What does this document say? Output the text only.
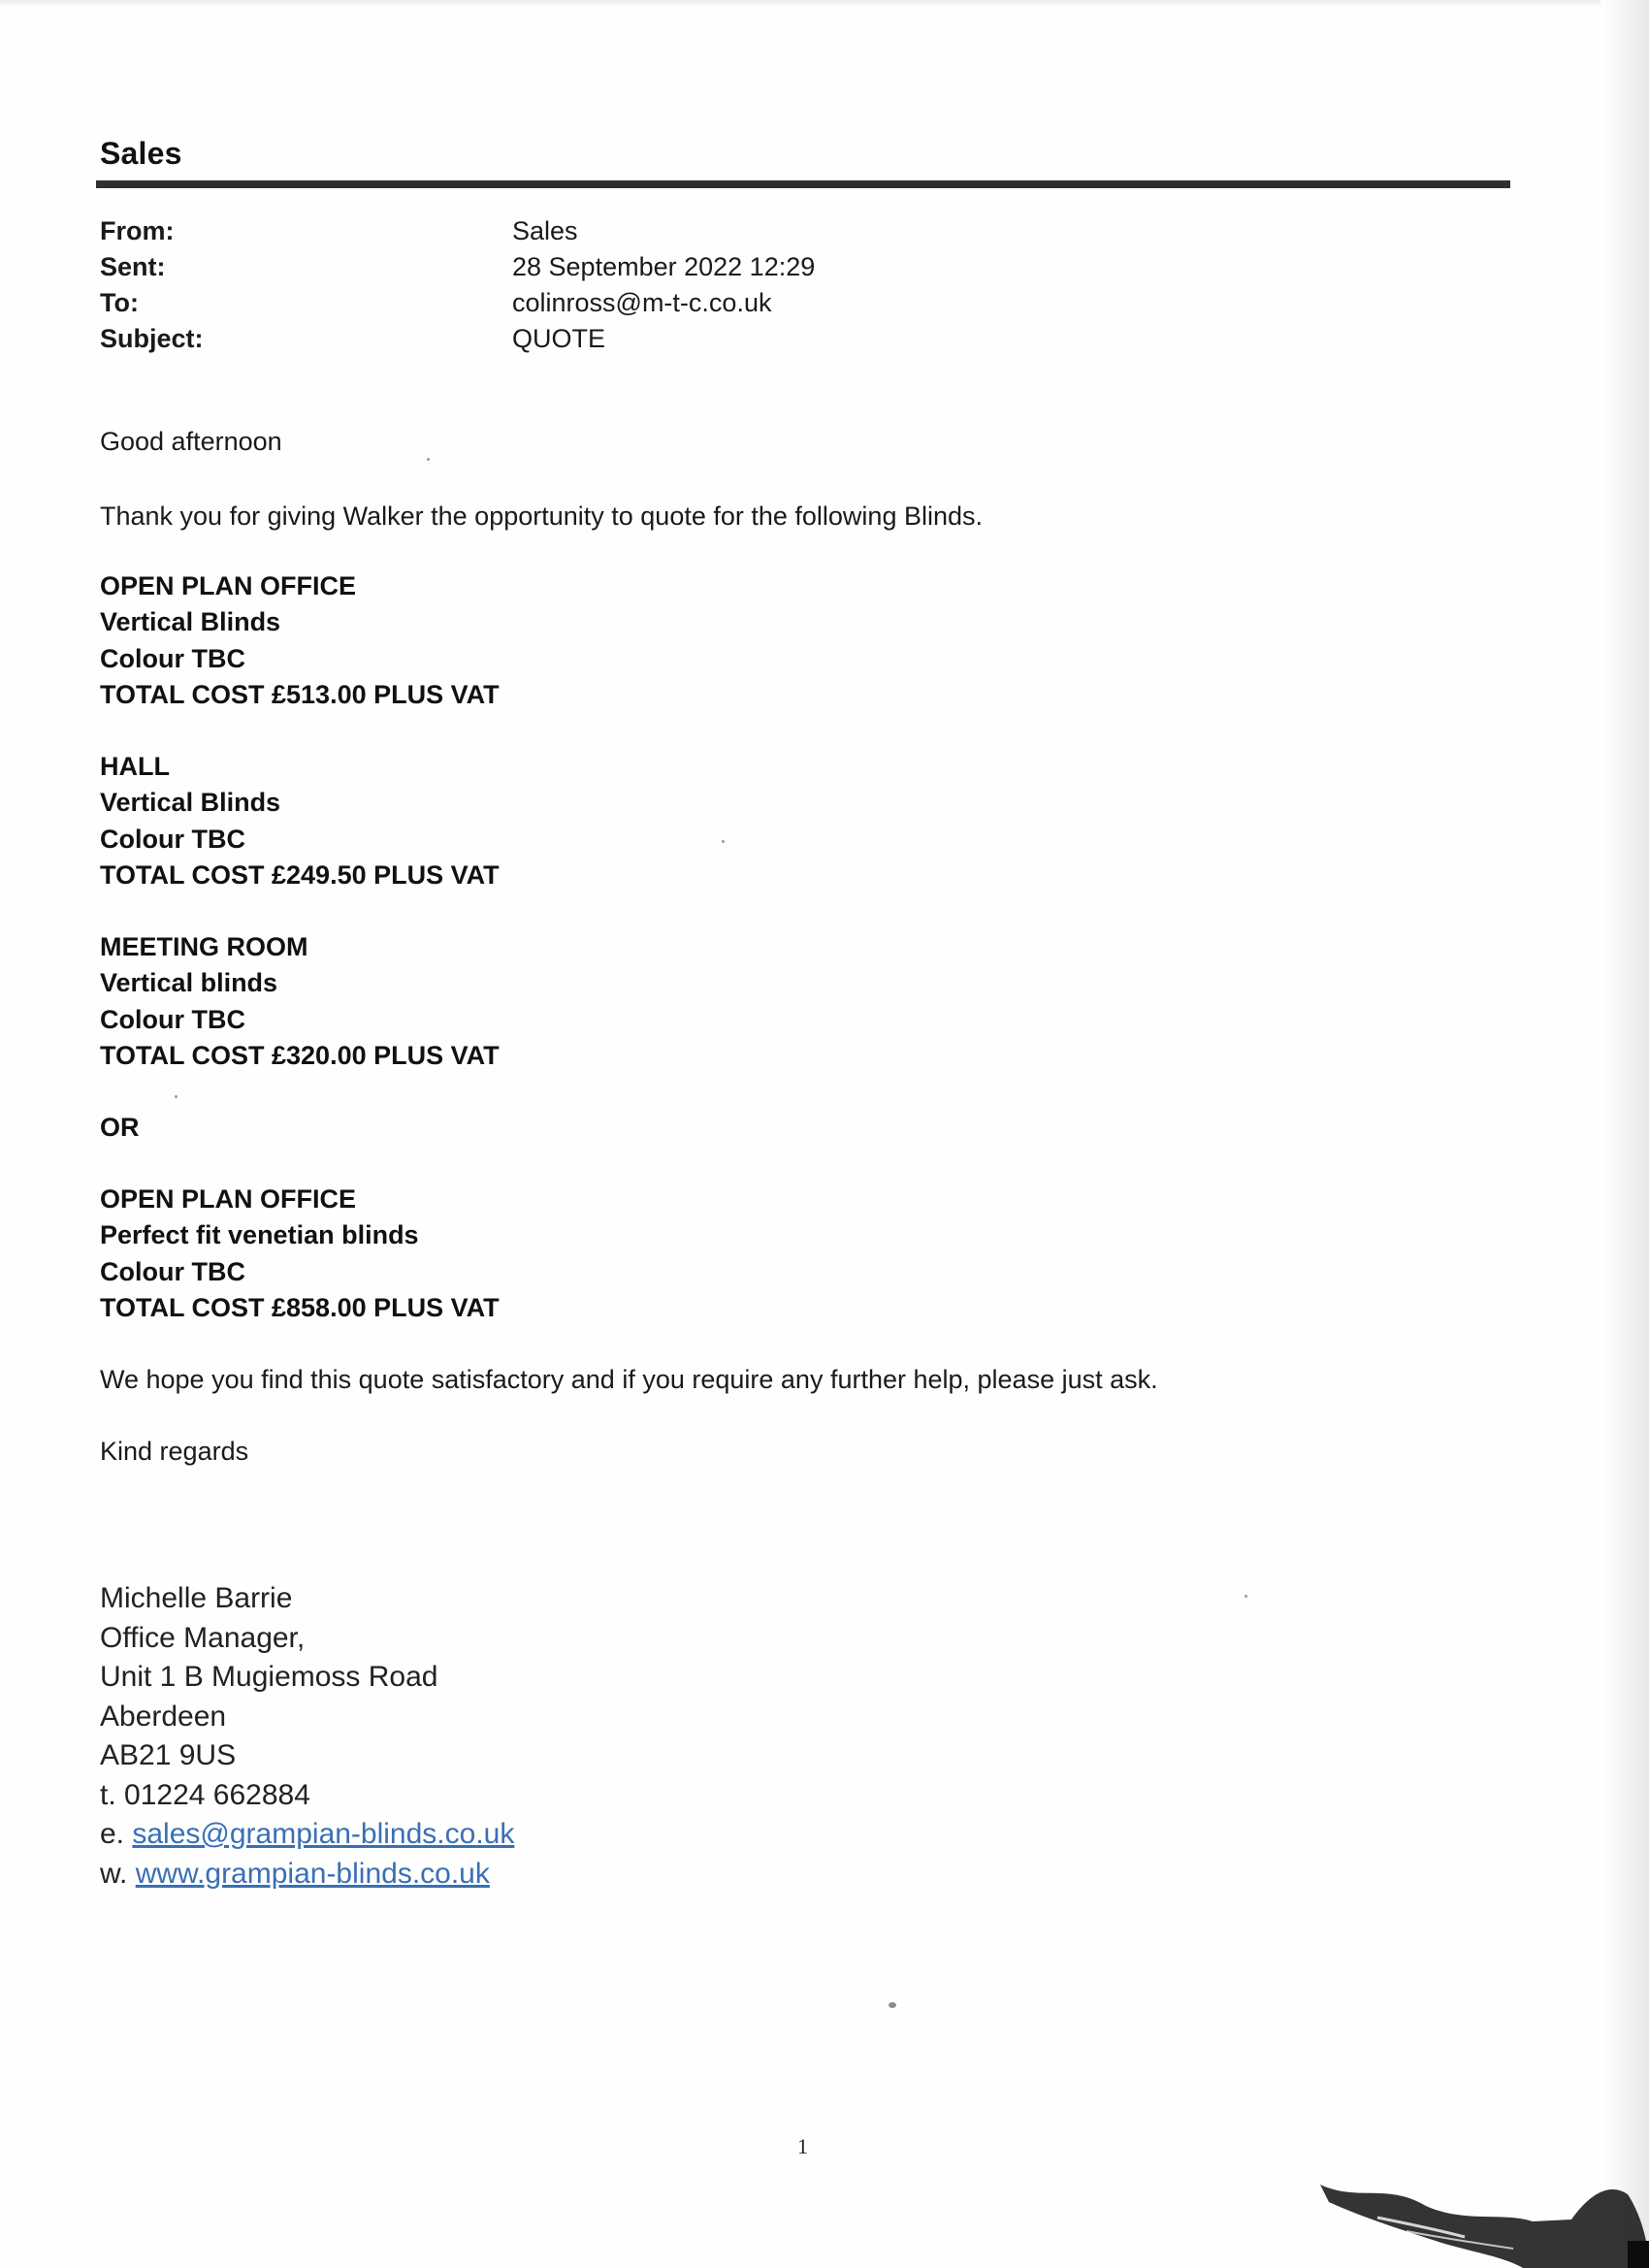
Sales
From:	Sales
Sent:	28 September 2022 12:29
To:	colinross@m-t-c.co.uk
Subject:	QUOTE
Good afternoon
Thank you for giving Walker the opportunity to quote for the following Blinds.
OPEN PLAN OFFICE
Vertical Blinds
Colour TBC
TOTAL COST £513.00 PLUS VAT
HALL
Vertical Blinds
Colour TBC
TOTAL COST £249.50 PLUS VAT
MEETING ROOM
Vertical blinds
Colour TBC
TOTAL COST £320.00 PLUS VAT
OR
OPEN PLAN OFFICE
Perfect fit venetian blinds
Colour TBC
TOTAL COST £858.00 PLUS VAT
We hope you find this quote satisfactory and if you require any further help, please just ask.
Kind regards
Michelle Barrie
Office Manager,
Unit 1 B Mugiemoss Road
Aberdeen
AB21 9US
t. 01224 662884
e. sales@grampian-blinds.co.uk
w. www.grampian-blinds.co.uk
1
